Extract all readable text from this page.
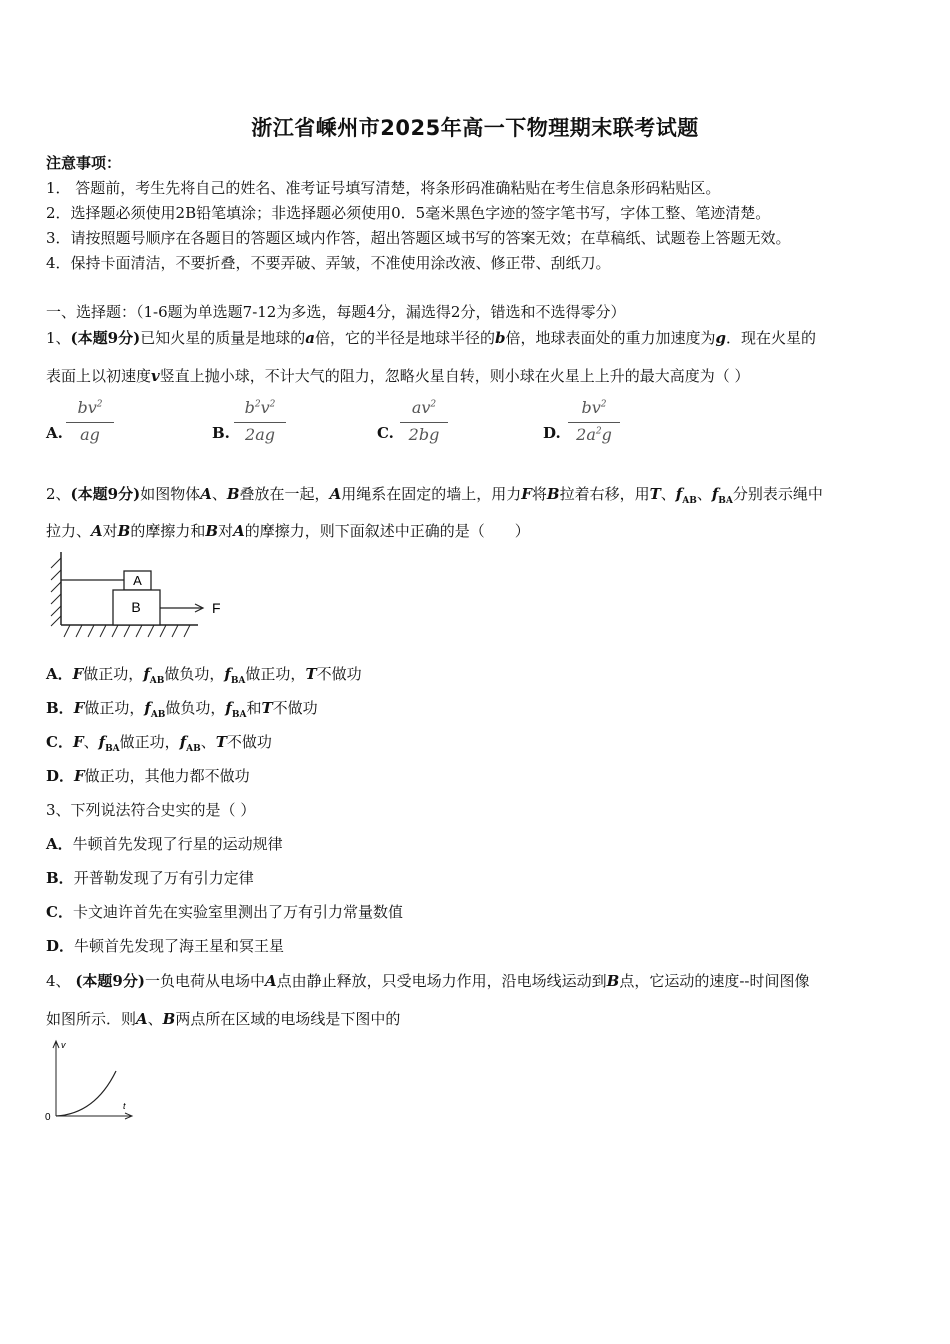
浙江省嵊州市2025年高一下物理期末联考试题
注意事项：
1． 答题前，考生先将自己的姓名、准考证号填写清楚，将条形码准确粘贴在考生信息条形码粘贴区。
2．选择题必须使用2B铅笔填涂；非选择题必须使用0．5毫米黑色字迹的签字笔书写，字体工整、笔迹清楚。
3．请按照题号顺序在各题目的答题区域内作答，超出答题区域书写的答案无效；在草稿纸、试题卷上答题无效。
4．保持卡面清洁，不要折叠，不要弄破、弄皱，不准使用涂改液、修正带、刮纸刀。
一、选择题：（1-6题为单选题7-12为多选，每题4分，漏选得2分，错选和不选得零分）
1、(本题9分)已知火星的质量是地球的a倍，它的半径是地球半径的b倍，地球表面处的重力加速度为g．现在火星的
表面上以初速度v竖直上抛小球，不计大气的阻力，忽略火星自转，则小球在火星上上升的最大高度为（ ）
A.
$bv^2$
ag	B.
$b^2v^2$
2ag	C.
$av^2$
2bg	D.
$bv^2$
$2a^2g$
2、(本题9分)如图物体A、B叠放在一起，A用绳系在固定的墙上，用力F将B拉着右移，用T、$f_{AB}$、$f_{BA}$分别表示绳中
拉力、A对B的摩擦力和B对A的摩擦力，则下面叙述中正确的是（　　）
A
B	F
A．F做正功，$f_{AB}$做负功，$f_{BA}$做正功，T不做功
B．F做正功，$f_{AB}$做负功，$f_{BA}$和T不做功
C．F、$f_{BA}$做正功，$f_{AB}$、T不做功
D．F做正功，其他力都不做功
3、下列说法符合史实的是（ ）
A．牛顿首先发现了行星的运动规律
B．开普勒发现了万有引力定律
C．卡文迪许首先在实验室里测出了万有引力常量数值
D．牛顿首先发现了海王星和冥王星
4、 (本题9分)一负电荷从电场中A点由静止释放，只受电场力作用，沿电场线运动到B点，它运动的速度--时间图像
如图所示．则A、B两点所在区域的电场线是下图中的
v
t
0
